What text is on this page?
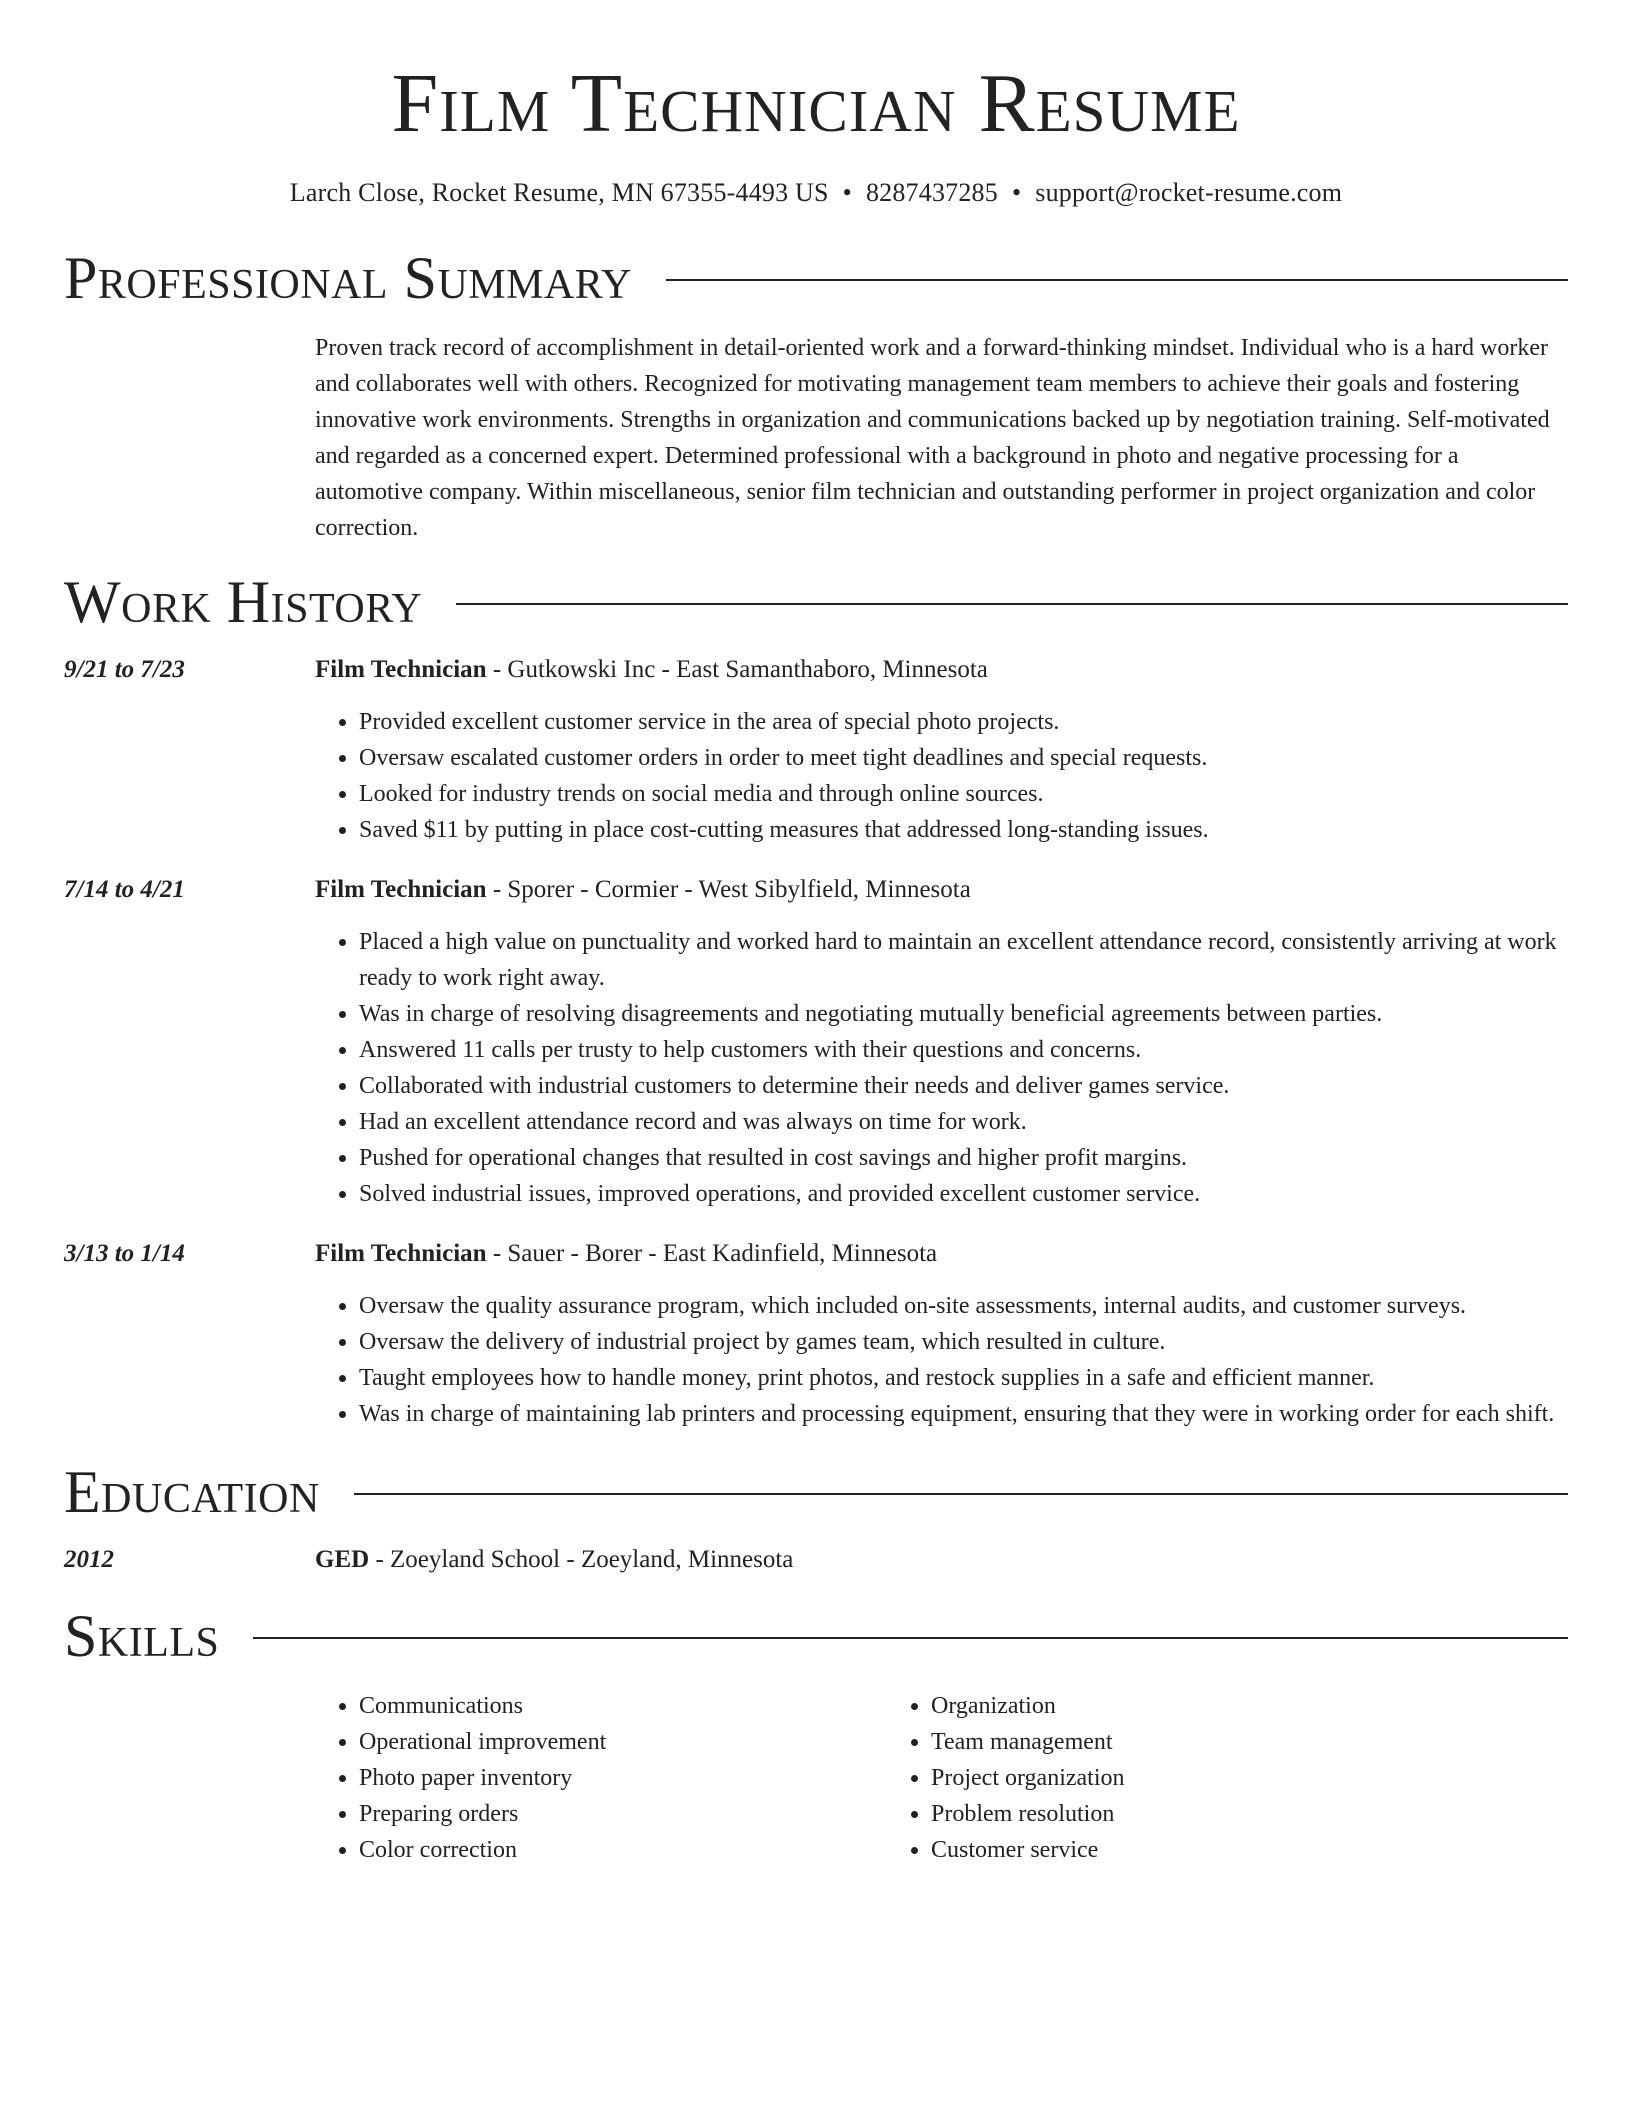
Film Technician Resume
Larch Close, Rocket Resume, MN 67355-4493 US • 8287437285 • support@rocket-resume.com
Professional Summary
Proven track record of accomplishment in detail-oriented work and a forward-thinking mindset. Individual who is a hard worker and collaborates well with others. Recognized for motivating management team members to achieve their goals and fostering innovative work environments. Strengths in organization and communications backed up by negotiation training. Self-motivated and regarded as a concerned expert. Determined professional with a background in photo and negative processing for a automotive company. Within miscellaneous, senior film technician and outstanding performer in project organization and color correction.
Work History
9/21 to 7/23	Film Technician - Gutkowski Inc - East Samanthaboro, Minnesota
• Provided excellent customer service in the area of special photo projects.
• Oversaw escalated customer orders in order to meet tight deadlines and special requests.
• Looked for industry trends on social media and through online sources.
• Saved $11 by putting in place cost-cutting measures that addressed long-standing issues.
7/14 to 4/21	Film Technician - Sporer - Cormier - West Sibylfield, Minnesota
• Placed a high value on punctuality and worked hard to maintain an excellent attendance record, consistently arriving at work ready to work right away.
• Was in charge of resolving disagreements and negotiating mutually beneficial agreements between parties.
• Answered 11 calls per trusty to help customers with their questions and concerns.
• Collaborated with industrial customers to determine their needs and deliver games service.
• Had an excellent attendance record and was always on time for work.
• Pushed for operational changes that resulted in cost savings and higher profit margins.
• Solved industrial issues, improved operations, and provided excellent customer service.
3/13 to 1/14	Film Technician - Sauer - Borer - East Kadinfield, Minnesota
• Oversaw the quality assurance program, which included on-site assessments, internal audits, and customer surveys.
• Oversaw the delivery of industrial project by games team, which resulted in culture.
• Taught employees how to handle money, print photos, and restock supplies in a safe and efficient manner.
• Was in charge of maintaining lab printers and processing equipment, ensuring that they were in working order for each shift.
Education
2012	GED - Zoeyland School - Zoeyland, Minnesota
Skills
• Communications
• Operational improvement
• Photo paper inventory
• Preparing orders
• Color correction
• Organization
• Team management
• Project organization
• Problem resolution
• Customer service
